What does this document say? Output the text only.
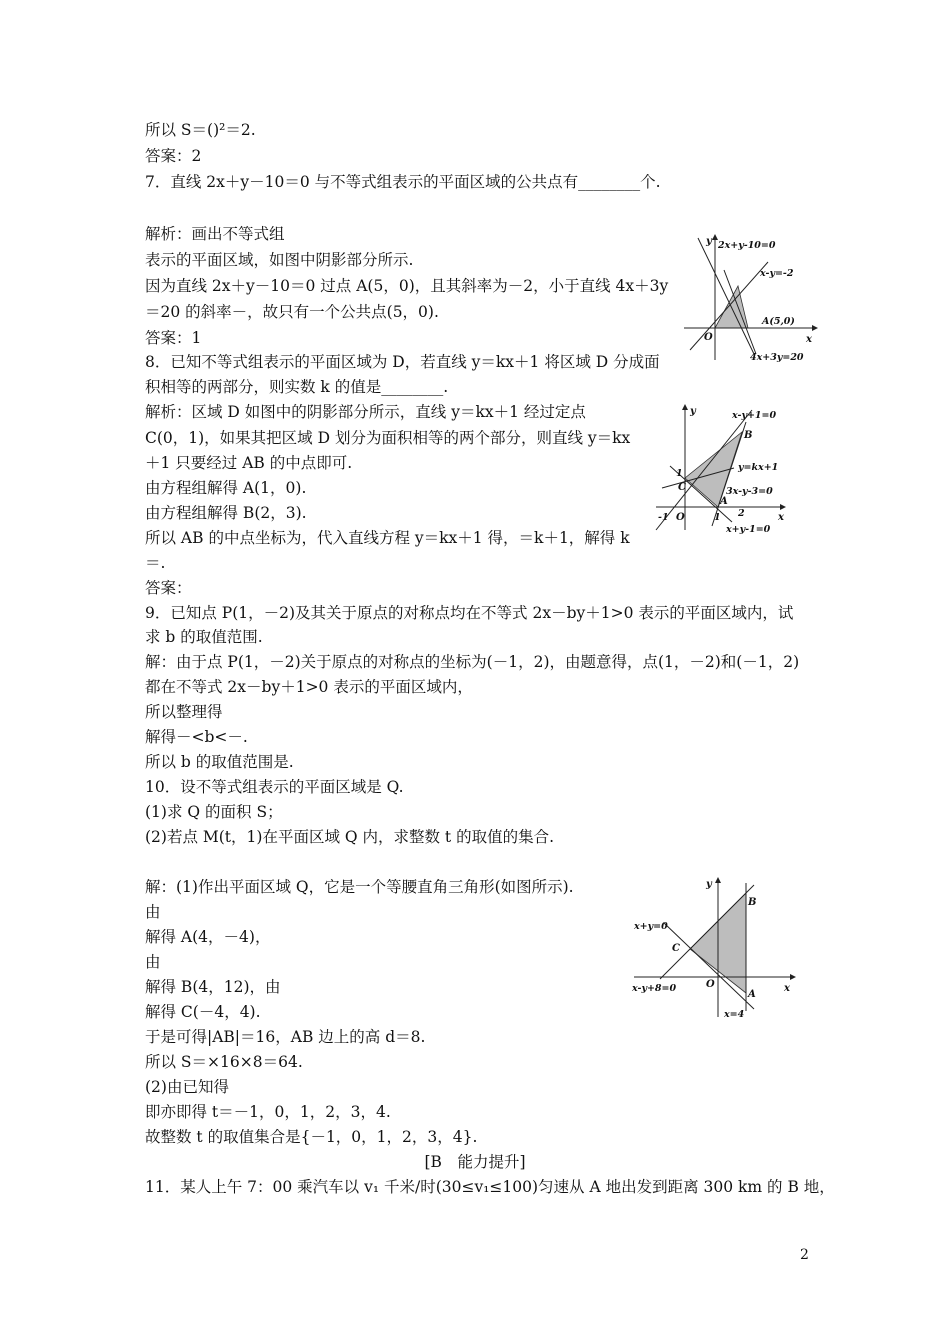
所以 S＝()²＝2.
答案：2
7．直线 2x＋y－10＝0 与不等式组表示的平面区域的公共点有________个.
解析：画出不等式组
表示的平面区域，如图中阴影部分所示.
因为直线 2x＋y－10＝0 过点 A(5，0)，且其斜率为－2，小于直线 4x＋3y
＝20 的斜率－，故只有一个公共点(5，0).
答案：1
8．已知不等式组表示的平面区域为 D，若直线 y＝kx＋1 将区域 D 分成面
积相等的两部分，则实数 k 的值是________.
解析：区域 D 如图中的阴影部分所示，直线 y＝kx＋1 经过定点
C(0，1)，如果其把区域 D 划分为面积相等的两个部分，则直线 y＝kx
＋1 只要经过 AB 的中点即可.
由方程组解得 A(1，0).
由方程组解得 B(2，3).
所以 AB 的中点坐标为，代入直线方程 y＝kx＋1 得，＝k＋1，解得 k
＝.
答案：
9．已知点 P(1，－2)及其关于原点的对称点均在不等式 2x－by＋1>0 表示的平面区域内，试
求 b 的取值范围.
解：由于点 P(1，－2)关于原点的对称点的坐标为(－1，2)，由题意得，点(1，－2)和(－1，2)
都在不等式 2x－by＋1>0 表示的平面区域内，
所以整理得
解得－<b<－.
所以 b 的取值范围是.
10．设不等式组表示的平面区域是 Q.
(1)求 Q 的面积 S；
(2)若点 M(t，1)在平面区域 Q 内，求整数 t 的取值的集合.
解：(1)作出平面区域 Q，它是一个等腰直角三角形(如图所示).
由
解得 A(4，－4)，
由
解得 B(4，12)，由
解得 C(－4，4).
于是可得|AB|＝16，AB 边上的高 d＝8.
所以 S＝×16×8＝64.
(2)由已知得
即亦即得 t＝－1，0，1，2，3，4.
故整数 t 的取值集合是{－1，0，1，2，3，4}.
[B　能力提升]
11．某人上午 7：00 乘汽车以 v₁ 千米/时(30≤v₁≤100)匀速从 A 地出发到距离 300 km 的 B 地，
2
y
x
O
2x+y-10=0
x-y=-2
A(5,0)
4x+3y=20
y
x
O
x-y+1=0
B
y=kx+1
1
C	3x-y-3=0
A
-1	1 2
x+y-1=0
y
x
O
B
x+y=0
C
x-y+8=0
A
x=4
